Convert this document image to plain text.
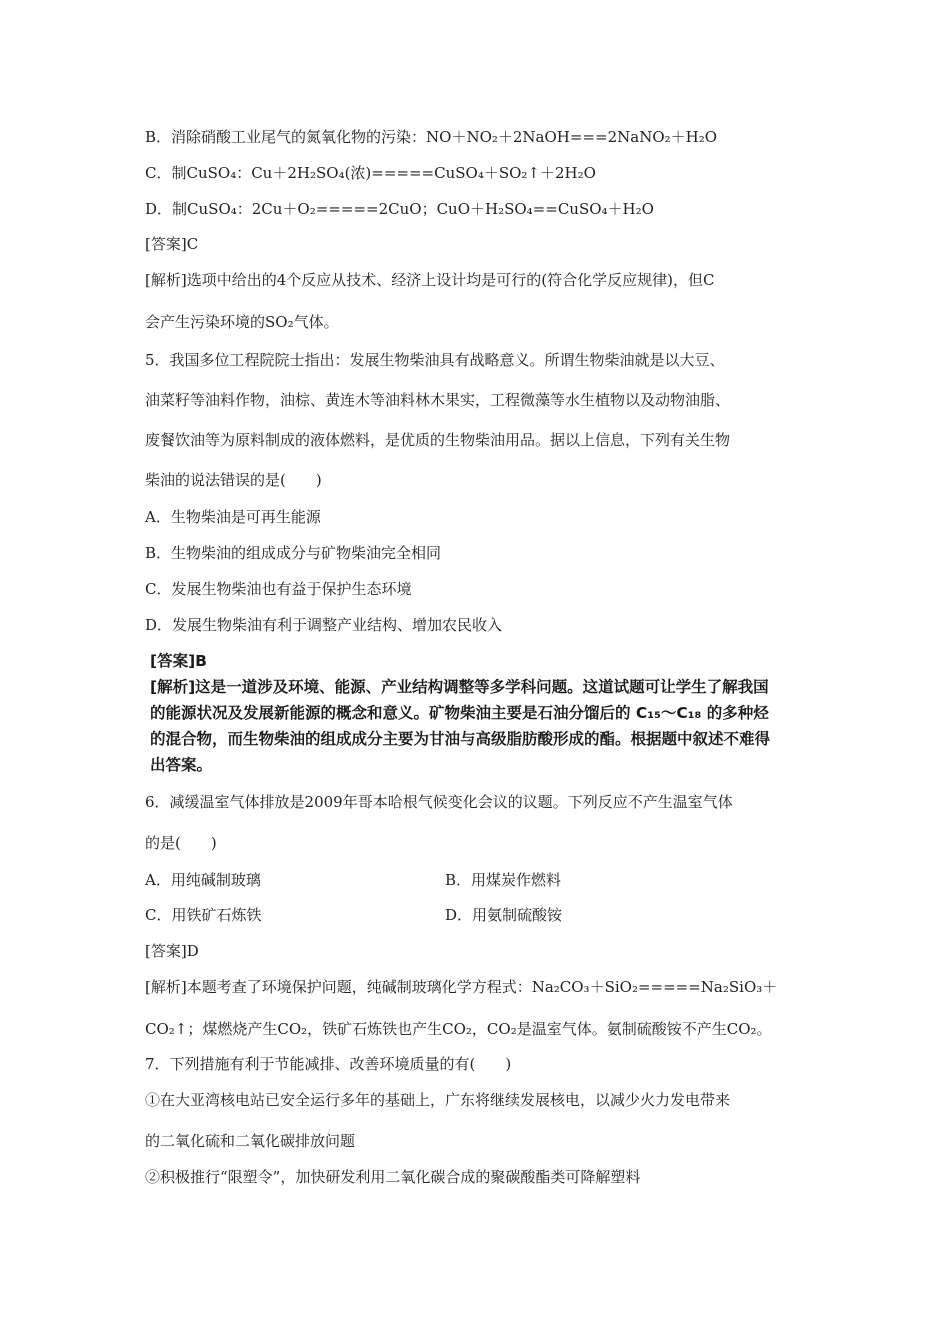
B．消除硝酸工业尾气的氮氧化物的污染：NO＋NO₂＋2NaOH===2NaNO₂＋H₂O
C．制CuSO₄：Cu＋2H₂SO₄(浓)=====CuSO₄＋SO₂↑＋2H₂O
D．制CuSO₄：2Cu＋O₂=====2CuO；CuO＋H₂SO₄==CuSO₄＋H₂O
[答案]C
[解析]选项中给出的4个反应从技术、经济上设计均是可行的(符合化学反应规律)，但C
会产生污染环境的SO₂气体。
5．我国多位工程院院士指出：发展生物柴油具有战略意义。所谓生物柴油就是以大豆、
油菜籽等油料作物，油棕、黄连木等油料林木果实，工程微藻等水生植物以及动物油脂、
废餐饮油等为原料制成的液体燃料，是优质的生物柴油用品。据以上信息，下列有关生物
柴油的说法错误的是(　　)
A．生物柴油是可再生能源
B．生物柴油的组成成分与矿物柴油完全相同
C．发展生物柴油也有益于保护生态环境
D．发展生物柴油有利于调整产业结构、增加农民收入
[答案]B
[解析]这是一道涉及环境、能源、产业结构调整等多学科问题。这道试题可让学生了解我国
的能源状况及发展新能源的概念和意义。矿物柴油主要是石油分馏后的 C₁₅～C₁₈ 的多种烃
的混合物，而生物柴油的组成成分主要为甘油与高级脂肪酸形成的酯。根据题中叙述不难得
出答案。
6．减缓温室气体排放是2009年哥本哈根气候变化会议的议题。下列反应不产生温室气体
的是(　　)
A．用纯碱制玻璃	B．用煤炭作燃料
C．用铁矿石炼铁	D．用氨制硫酸铵
[答案]D
[解析]本题考查了环境保护问题，纯碱制玻璃化学方程式：Na₂CO₃＋SiO₂=====Na₂SiO₃＋
CO₂↑；煤燃烧产生CO₂，铁矿石炼铁也产生CO₂，CO₂是温室气体。氨制硫酸铵不产生CO₂。
7．下列措施有利于节能减排、改善环境质量的有(　　)
①在大亚湾核电站已安全运行多年的基础上，广东将继续发展核电，以减少火力发电带来
的二氧化硫和二氧化碳排放问题
②积极推行“限塑令”，加快研发利用二氧化碳合成的聚碳酸酯类可降解塑料
